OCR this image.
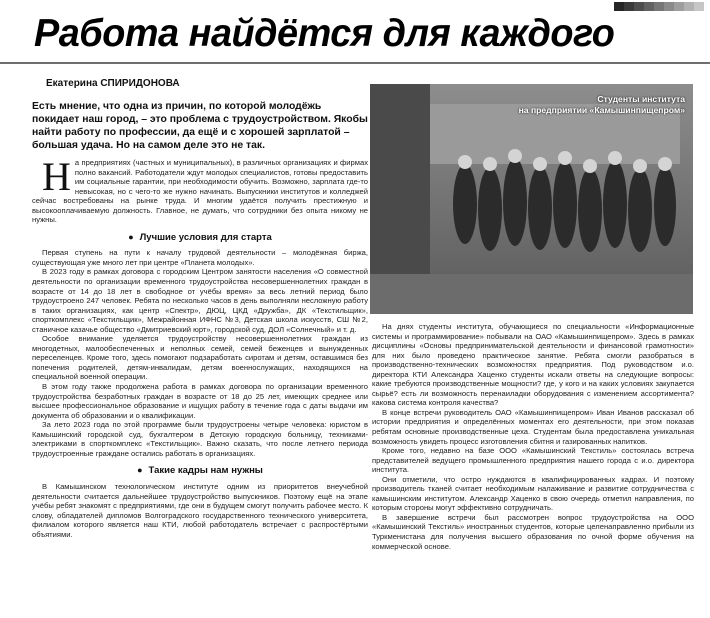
Работа найдётся для каждого
Екатерина СПИРИДОНОВА
Есть мнение, что одна из причин, по которой молодёжь покидает наш город, – это проблема с трудоустройством. Якобы найти работу по профессии, да ещё и с хорошей зарплатой – большая удача. Но на самом деле это не так.

На предприятиях (частных и муниципальных), в различных организациях и фирмах полно вакансий. Работодатели ждут молодых специалистов, готовы предоставить им социальные гарантии, при необходимости обучить. Возможно, зарплата где-то невысокая, но с чего-то же нужно начинать. Выпускники институтов и колледжей сейчас востребованы на рынке труда. И многим удаётся получить престижную и высокооплачиваемую должность. Главное, не думать, что сотрудники без опыта никому не нужны.

● Лучшие условия для старта

Первая ступень на пути к началу трудовой деятельности – молодёжная биржа, существующая уже много лет при центре «Планета молодых».

В 2023 году в рамках договора с городским Центром занятости населения «О совместной деятельности по организации временного трудоустройства несовершеннолетних граждан в возрасте от 14 до 18 лет в свободное от учёбы время» за весь летний период было трудоустроено 247 человек. Ребята по несколько часов в день выполняли несложную работу в таких организациях, как центр «Спектр», ДЮЦ, ЦКД «Дружба», ДК «Текстильщик», спорткомплекс «Текстильщик», Межрайонная ИФНС №3, Детская школа искусств, СШ №2, станичное казачье общество «Дмитриевский юрт», городской суд, ДОЛ «Солнечный» и т. д.

Особое внимание уделяется трудоустройству несовершеннолетних граждан из многодетных, малообеспеченных и неполных семей, семей беженцев и вынужденных переселенцев. Кроме того, здесь помогают подзаработать сиротам и детям, оставшимся без попечения родителей, детям-инвалидам, детям военнослужащих, находящихся на специальной военной операции.

В этом году также продолжена работа в рамках договора по организации временного трудоустройства безработных граждан в возрасте от 18 до 25 лет, имеющих среднее или высшее профессиональное образование и ищущих работу в течение года с даты выдачи им документа об образовании и о квалификации.

За лето 2023 года по этой программе были трудоустроены четыре человека: юристом в Камышинский городской суд, бухгалтером в Детскую городскую больницу, техниками-электриками в спорткомплекс «Текстильщик». Важно сказать, что после летнего периода трудоустроенные граждане остались работать в организациях.

● Такие кадры нам нужны

В Камышинском технологическом институте одним из приоритетов внеучебной деятельности считается дальнейшее трудоустройство выпускников. Поэтому ещё на этапе учёбы ребят знакомят с предприятиями, где они в будущем смогут получить рабочее место. К слову, обладателей дипломов Волгоградского государственного технического университета, филиалом которого является наш КТИ, любой работодатель встречает с распростёртыми объятиями.

Студенты института
на предприятии «Камышинпищепром»

На днях студенты института, обучающиеся по специальности «Информационные системы и программирование» побывали на ОАО «Камышинпищепром». Здесь в рамках дисциплины «Основы предпринимательской деятельности и финансовой грамотности» для них было проведено практическое занятие. Ребята смогли разобраться в производственно-технических возможностях предприятия. Под руководством и.о. директора КТИ Александра Хаценко студенты искали ответы на следующие вопросы: какие требуются производственные мощности? где, у кого и на каких условиях закупается сырьё? есть ли возможность перенаиладки оборудования с изменением ассортимента? какова система контроля качества?

В конце встречи руководитель ОАО «Камышинпищепром» Иван Иванов рассказал об истории предприятия и определённых моментах его деятельности, при этом показав ребятам основные производственные цеха. Студентам была предоставлена уникальная возможность увидеть процесс изготовления сбитня и газированных напитков.

Кроме того, недавно на базе ООО «Камышинский Текстиль» состоялась встреча представителей ведущего промышленного предприятия нашего города с и.о. директора института.

Они отметили, что остро нуждаются в квалифицированных кадрах. И поэтому производитель тканей считает необходимым налаживание и развитие сотрудничества с камышинским институтом. Александр Хаценко в свою очередь отметил направления, по которым стороны могут эффективно сотрудничать.

В завершение встречи был рассмотрен вопрос трудоустройства на ООО «Камышинский Текстиль» иностранных студентов, которые целенаправленно прибыли из Туркменистана для получения высшего образования по очной форме обучения на коммерческой основе.
